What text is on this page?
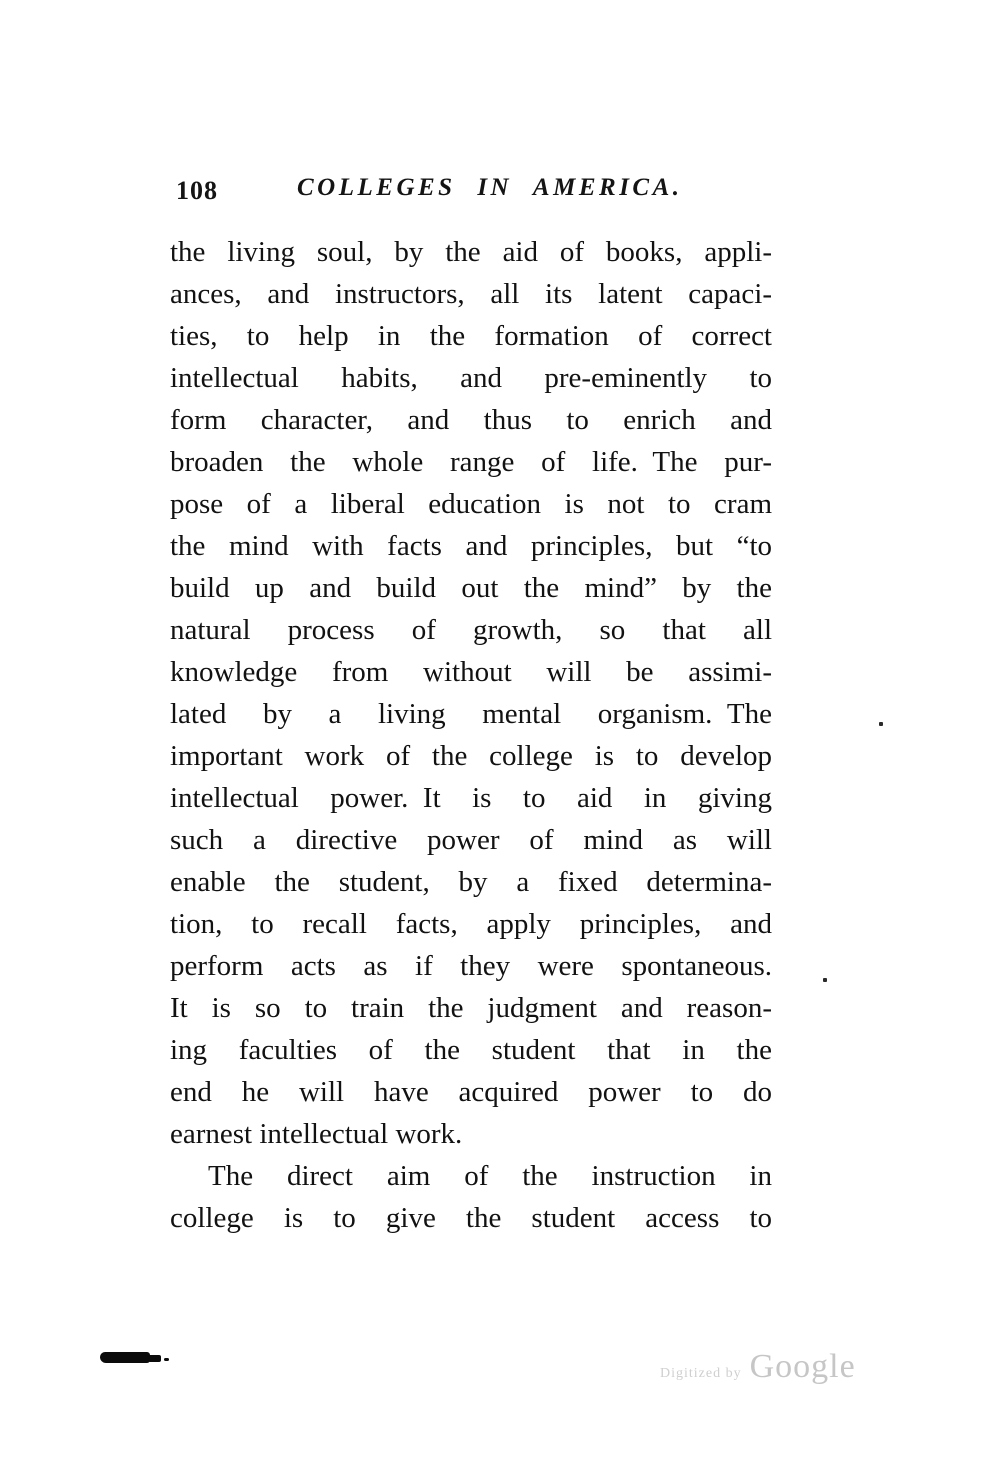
108	COLLEGES IN AMERICA.
the living soul, by the aid of books, appli-
ances, and instructors, all its latent capaci-
ties, to help in the formation of correct
intellectual habits, and pre-eminently to
form character, and thus to enrich and
broaden the whole range of life. The pur-
pose of a liberal education is not to cram
the mind with facts and principles, but “to
build up and build out the mind” by the
natural process of growth, so that all
knowledge from without will be assimi-
lated by a living mental organism. The
important work of the college is to develop
intellectual power. It is to aid in giving
such a directive power of mind as will
enable the student, by a fixed determina-
tion, to recall facts, apply principles, and
perform acts as if they were spontaneous.
It is so to train the judgment and reason-
ing faculties of the student that in the
end he will have acquired power to do
earnest intellectual work.
The direct aim of the instruction in
college is to give the student access to
Digitized by Google
